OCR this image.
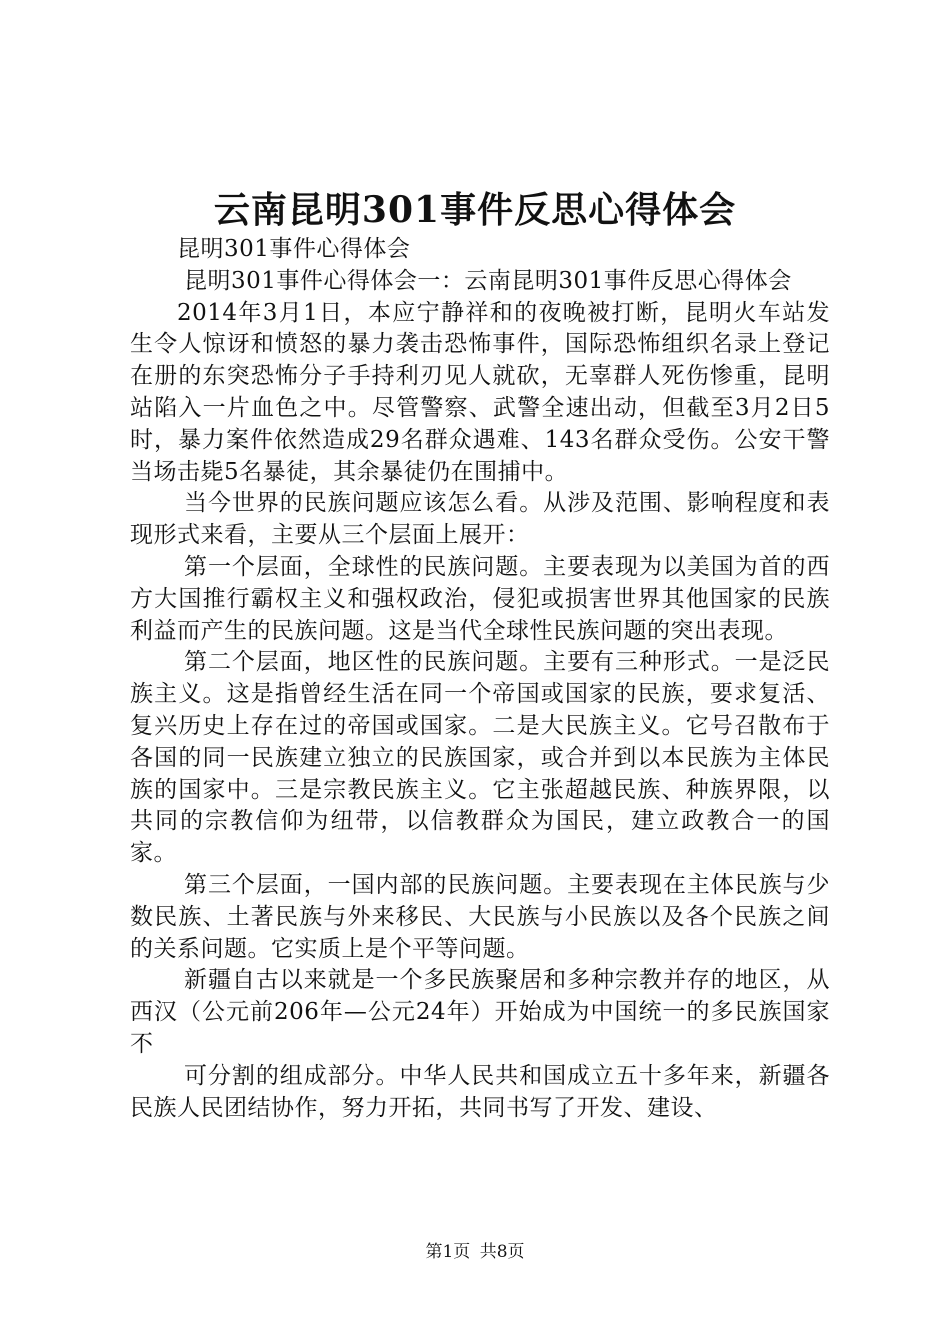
云南昆明301事件反思心得体会

昆明301事件心得体会

昆明301事件心得体会一：云南昆明301事件反思心得体会

2014年3月1日，本应宁静祥和的夜晚被打断，昆明火车站发生令人惊讶和愤怒的暴力袭击恐怖事件，国际恐怖组织名录上登记在册的东突恐怖分子手持利刃见人就砍，无辜群人死伤惨重，昆明站陷入一片血色之中。尽管警察、武警全速出动，但截至3月2日5时，暴力案件依然造成29名群众遇难、143名群众受伤。公安干警当场击毙5名暴徒，其余暴徒仍在围捕中。

当今世界的民族问题应该怎么看。从涉及范围、影响程度和表现形式来看，主要从三个层面上展开：

第一个层面，全球性的民族问题。主要表现为以美国为首的西方大国推行霸权主义和强权政治，侵犯或损害世界其他国家的民族利益而产生的民族问题。这是当代全球性民族问题的突出表现。

第二个层面，地区性的民族问题。主要有三种形式。一是泛民族主义。这是指曾经生活在同一个帝国或国家的民族，要求复活、复兴历史上存在过的帝国或国家。二是大民族主义。它号召散布于各国的同一民族建立独立的民族国家，或合并到以本民族为主体民族的国家中。三是宗教民族主义。它主张超越民族、种族界限，以共同的宗教信仰为纽带，以信教群众为国民，建立政教合一的国家。

第三个层面，一国内部的民族问题。主要表现在主体民族与少数民族、土著民族与外来移民、大民族与小民族以及各个民族之间的关系问题。它实质上是个平等问题。

新疆自古以来就是一个多民族聚居和多种宗教并存的地区，从西汉（公元前206年—公元24年）开始成为中国统一的多民族国家不

可分割的组成部分。中华人民共和国成立五十多年来，新疆各民族人民团结协作，努力开拓，共同书写了开发、建设、

第1页 共8页
